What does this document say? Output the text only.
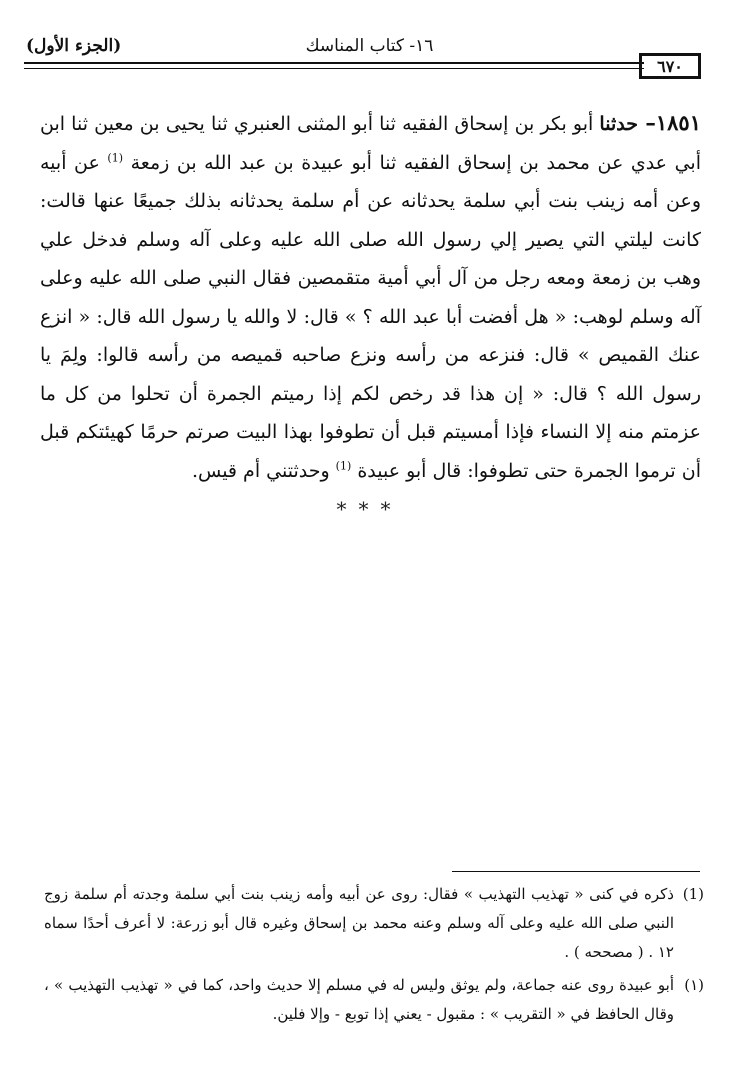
(الجزء الأول)	١٦- كتاب المناسك
٦٧٠

١٨٥١– حدثنا أبو بكر بن إسحاق الفقيه ثنا أبو المثنى العنبري ثنا يحيى بن معين ثنا ابن أبي عدي عن محمد بن إسحاق الفقيه ثنا أبو عبيدة بن عبد الله بن زمعة $^{(1)}$ عن أبيه وعن أمه زينب بنت أبي سلمة يحدثانه عن أم سلمة يحدثانه بذلك جميعًا عنها قالت: كانت ليلتي التي يصير إلي رسول الله صلى الله عليه وعلى آله وسلم فدخل علي وهب بن زمعة ومعه رجل من آل أبي أمية متقمصين فقال النبي صلى الله عليه وعلى آله وسلم لوهب: « هل أفضت أبا عبد الله ؟ » قال: لا والله يا رسول الله قال: « انزع عنك القميص » قال: فنزعه من رأسه ونزع صاحبه قميصه من رأسه قالوا: ولِمَ يا رسول الله ؟ قال: « إن هذا قد رخص لكم إذا رميتم الجمرة أن تحلوا من كل ما عزمتم منه إلا النساء فإذا أمسيتم قبل أن تطوفوا بهذا البيت صرتم حرمًا كهيئتكم قبل أن ترموا الجمرة حتى تطوفوا: قال أبو عبيدة $^{(1)}$ وحدثتني أم قيس.

***
(1)
ذكره في كنى « تهذيب التهذيب » فقال: روى عن أبيه وأمه زينب بنت أبي سلمة وجدته أم سلمة زوج النبي صلى الله عليه وعلى آله وسلم وعنه محمد بن إسحاق وغيره قال أبو زرعة: لا أعرف أحدًا سماه ١٢ . ( مصححه ) .
(١)
أبو عبيدة روى عنه جماعة، ولم يوثق وليس له في مسلم إلا حديث واحد، كما في « تهذيب التهذيب » ، وقال الحافظ في « التقريب » : مقبول - يعني إذا توبع - وإلا فلين.
